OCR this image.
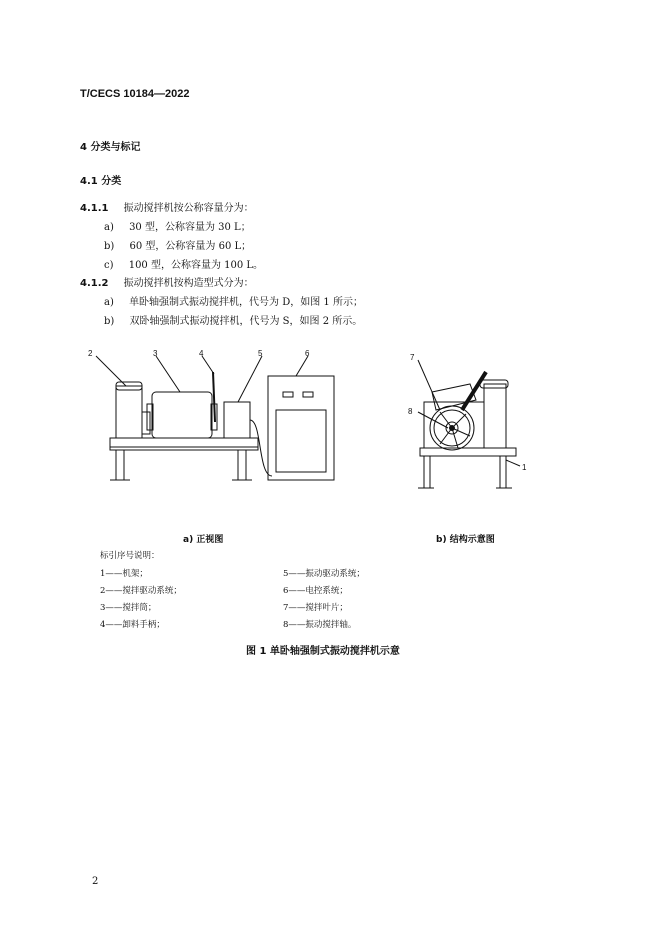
T/CECS 10184—2022
4 分类与标记
4.1 分类
4.1.1 振动搅拌机按公称容量分为：
a) 30 型，公称容量为 30 L；
b) 60 型，公称容量为 60 L；
c) 100 型，公称容量为 100 L。
4.1.2 振动搅拌机按构造型式分为：
a) 单卧轴强制式振动搅拌机，代号为 D，如图 1 所示；
b) 双卧轴强制式振动搅拌机，代号为 S，如图 2 所示。
2	3	4	5	6	7
8
1
a) 正视图	b) 结构示意图
标引序号说明：
1——机架；
2——搅拌驱动系统；
3——搅拌筒；
4——卸料手柄；
5——振动驱动系统；
6——电控系统；
7——搅拌叶片；
8——振动搅拌轴。
图 1 单卧轴强制式振动搅拌机示意
2
